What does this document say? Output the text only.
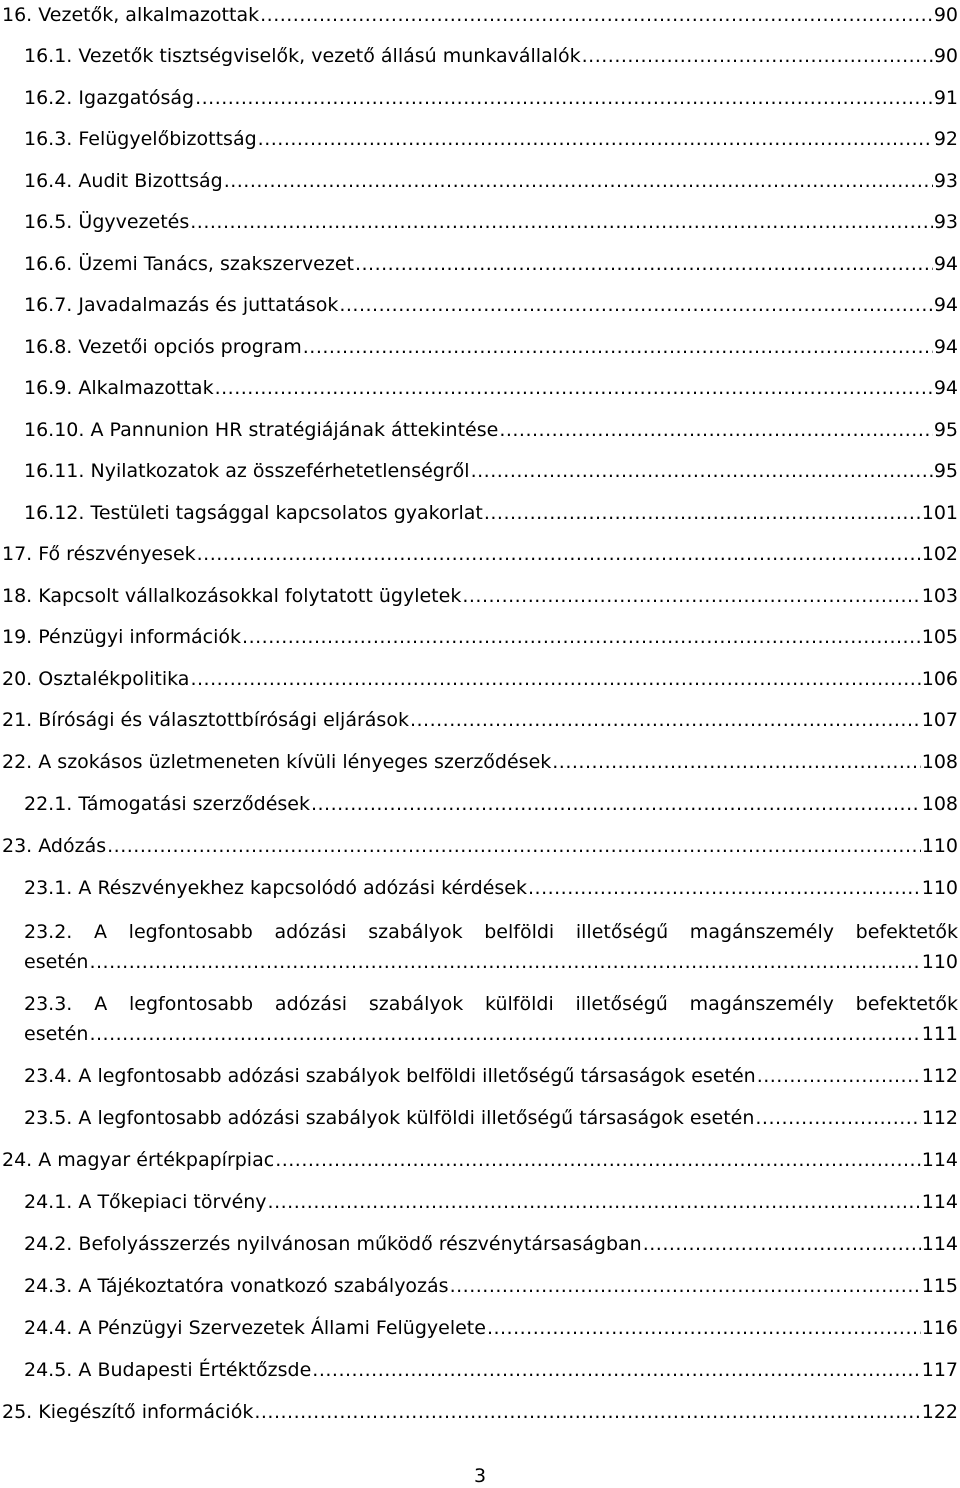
16. Vezetők, alkalmazottak .....	90
16.1. Vezetők tisztségviselők, vezető állású munkavállalók .....	90
16.2. Igazgatóság .....	91
16.3. Felügyelőbizottság .....	92
16.4. Audit Bizottság .....	93
16.5. Ügyvezetés .....	93
16.6. Üzemi Tanács, szakszervezet .....	94
16.7. Javadalmazás és juttatások .....	94
16.8. Vezetői opciós program .....	94
16.9. Alkalmazottak .....	94
16.10. A Pannunion HR stratégiájának áttekintése .....	95
16.11. Nyilatkozatok az összeférhetetlenségről .....	95
16.12. Testületi tagsággal kapcsolatos gyakorlat .....	101
17. Fő részvényesek .....	102
18. Kapcsolt vállalkozásokkal folytatott ügyletek .....	103
19. Pénzügyi információk .....	105
20. Osztalékpolitika .....	106
21. Bírósági és választottbírósági eljárások .....	107
22. A szokásos üzletmeneten kívüli lényeges szerződések .....	108
22.1. Támogatási szerződések .....	108
23. Adózás .....	110
23.1. A Részvényekhez kapcsolódó adózási kérdések .....	110
23.2. A legfontosabb adózási szabályok belföldi illetőségű magánszemély befektetők
esetén .....	110
23.3. A legfontosabb adózási szabályok külföldi illetőségű magánszemély befektetők
esetén .....	111
23.4. A legfontosabb adózási szabályok belföldi illetőségű társaságok esetén .....	112
23.5. A legfontosabb adózási szabályok külföldi illetőségű társaságok esetén .....	112
24. A magyar értékpapírpiac .....	114
24.1. A Tőkepiaci törvény .....	114
24.2. Befolyásszerzés nyilvánosan működő részvénytársaságban .....	114
24.3. A Tájékoztatóra vonatkozó szabályozás .....	115
24.4. A Pénzügyi Szervezetek Állami Felügyelete .....	116
24.5. A Budapesti Értéktőzsde .....	117
25. Kiegészítő információk .....	122
3
